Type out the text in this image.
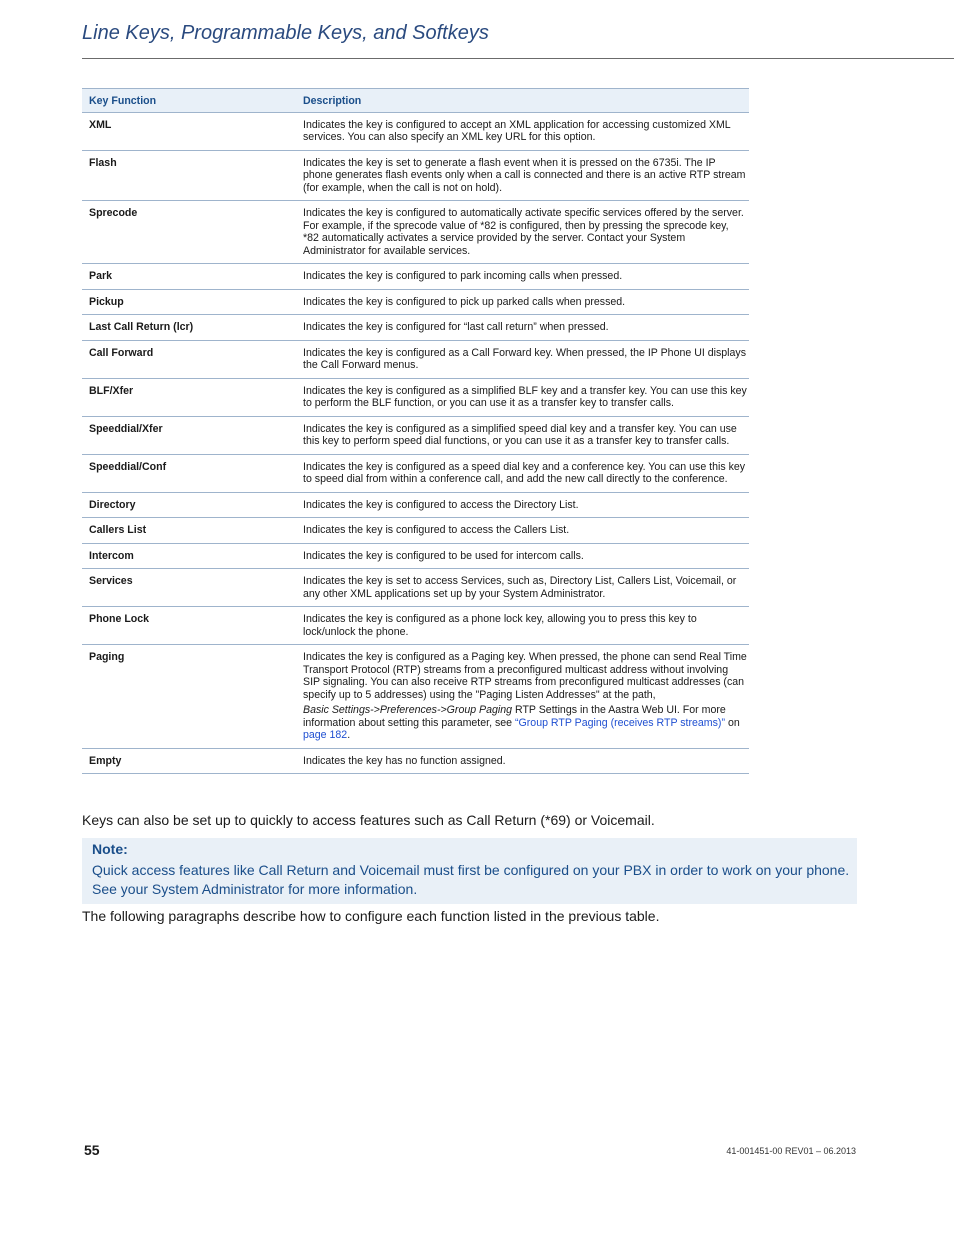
Line Keys, Programmable Keys, and Softkeys
Key Function	Description
XML	Indicates the key is configured to accept an XML application for accessing customized XML services. You can also specify an XML key URL for this option.
Flash	Indicates the key is set to generate a flash event when it is pressed on the 6735i. The IP phone generates flash events only when a call is connected and there is an active RTP stream (for example, when the call is not on hold).
Sprecode	Indicates the key is configured to automatically activate specific services offered by the server. For example, if the sprecode value of *82 is configured, then by pressing the sprecode key, *82 automatically activates a service provided by the server. Contact your System Administrator for available services.
Park	Indicates the key is configured to park incoming calls when pressed.
Pickup	Indicates the key is configured to pick up parked calls when pressed.
Last Call Return (lcr)	Indicates the key is configured for “last call return” when pressed.
Call Forward	Indicates the key is configured as a Call Forward key. When pressed, the IP Phone UI displays the Call Forward menus.
BLF/Xfer	Indicates the key is configured as a simplified BLF key and a transfer key. You can use this key to perform the BLF function, or you can use it as a transfer key to transfer calls.
Speeddial/Xfer	Indicates the key is configured as a simplified speed dial key and a transfer key. You can use this key to perform speed dial functions, or you can use it as a transfer key to transfer calls.
Speeddial/Conf	Indicates the key is configured as a speed dial key and a conference key. You can use this key to speed dial from within a conference call, and add the new call directly to the conference.
Directory	Indicates the key is configured to access the Directory List.
Callers List	Indicates the key is configured to access the Callers List.
Intercom	Indicates the key is configured to be used for intercom calls.
Services	Indicates the key is set to access Services, such as, Directory List, Callers List, Voicemail, or any other XML applications set up by your System Administrator.
Phone Lock	Indicates the key is configured as a phone lock key, allowing you to press this key to lock/unlock the phone.
Paging	Indicates the key is configured as a Paging key. When pressed, the phone can send Real Time Transport Protocol (RTP) streams from a preconfigured multicast address without involving SIP signaling. You can also receive RTP streams from preconfigured multicast addresses (can specify up to 5 addresses) using the "Paging Listen Addresses" at the path,
Basic Settings->Preferences->Group Paging RTP Settings in the Aastra Web UI. For more information about setting this parameter, see “Group RTP Paging (receives RTP streams)” on page 182.

Empty	Indicates the key has no function assigned.
Keys can also be set up to quickly to access features such as Call Return (*69) or Voicemail.
Note:
Quick access features like Call Return and Voicemail must first be configured on your PBX in order to work on your phone. See your System Administrator for more information.
The following paragraphs describe how to configure each function listed in the previous table.
55	41-001451-00 REV01 – 06.2013
